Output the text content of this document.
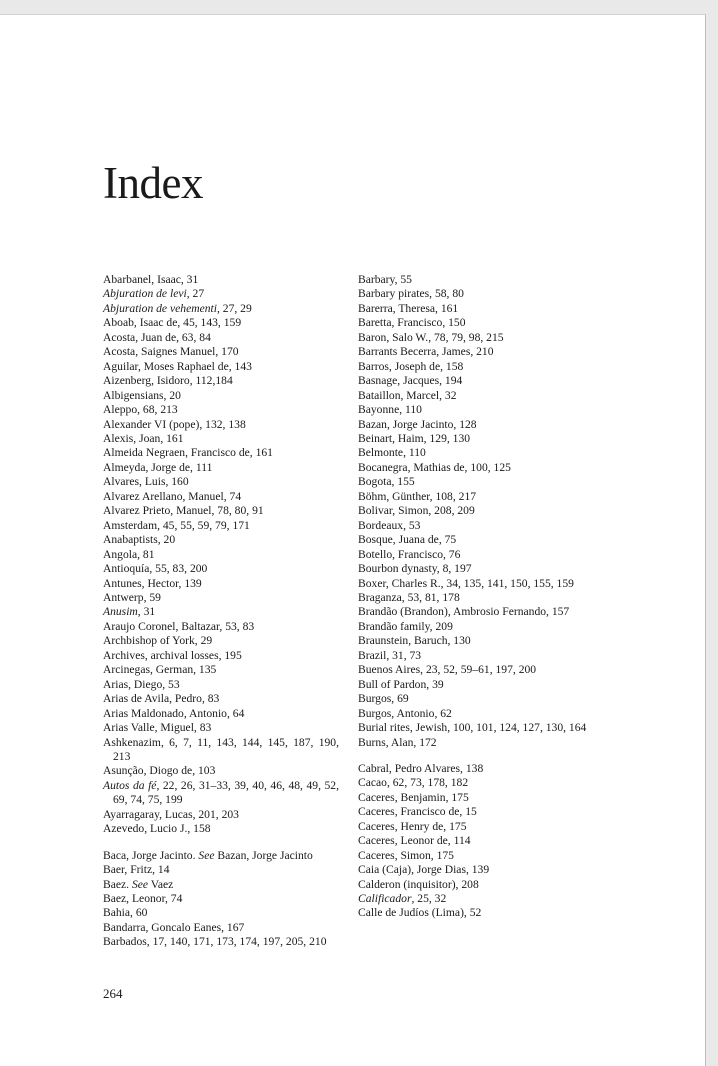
Index
Abarbanel, Isaac, 31
Abjuration de levi, 27
Abjuration de vehementi, 27, 29
Aboab, Isaac de, 45, 143, 159
Acosta, Juan de, 63, 84
Acosta, Saignes Manuel, 170
Aguilar, Moses Raphael de, 143
Aizenberg, Isidoro, 112,184
Albigensians, 20
Aleppo, 68, 213
Alexander VI (pope), 132, 138
Alexis, Joan, 161
Almeida Negraen, Francisco de, 161
Almeyda, Jorge de, 111
Alvares, Luis, 160
Alvarez Arellano, Manuel, 74
Alvarez Prieto, Manuel, 78, 80, 91
Amsterdam, 45, 55, 59, 79, 171
Anabaptists, 20
Angola, 81
Antioquía, 55, 83, 200
Antunes, Hector, 139
Antwerp, 59
Anusim, 31
Araujo Coronel, Baltazar, 53, 83
Archbishop of York, 29
Archives, archival losses, 195
Arcinegas, German, 135
Arias, Diego, 53
Arias de Avila, Pedro, 83
Arias Maldonado, Antonio, 64
Arias Valle, Miguel, 83
Ashkenazim, 6, 7, 11, 143, 144, 145, 187, 190, 213
Asunção, Diogo de, 103
Autos da fé, 22, 26, 31–33, 39, 40, 46, 48, 49, 52, 69, 74, 75, 199
Ayarragaray, Lucas, 201, 203
Azevedo, Lucio J., 158
Baca, Jorge Jacinto. See Bazan, Jorge Jacinto
Baer, Fritz, 14
Baez. See Vaez
Baez, Leonor, 74
Bahia, 60
Bandarra, Goncalo Eanes, 167
Barbados, 17, 140, 171, 173, 174, 197, 205, 210
Barbary, 55
Barbary pirates, 58, 80
Barerra, Theresa, 161
Baretta, Francisco, 150
Baron, Salo W., 78, 79, 98, 215
Barrants Becerra, James, 210
Barros, Joseph de, 158
Basnage, Jacques, 194
Bataillon, Marcel, 32
Bayonne, 110
Bazan, Jorge Jacinto, 128
Beinart, Haim, 129, 130
Belmonte, 110
Bocanegra, Mathias de, 100, 125
Bogota, 155
Böhm, Günther, 108, 217
Bolivar, Simon, 208, 209
Bordeaux, 53
Bosque, Juana de, 75
Botello, Francisco, 76
Bourbon dynasty, 8, 197
Boxer, Charles R., 34, 135, 141, 150, 155, 159
Braganza, 53, 81, 178
Brandão (Brandon), Ambrosio Fernando, 157
Brandão family, 209
Braunstein, Baruch, 130
Brazil, 31, 73
Buenos Aires, 23, 52, 59–61, 197, 200
Bull of Pardon, 39
Burgos, 69
Burgos, Antonio, 62
Burial rites, Jewish, 100, 101, 124, 127, 130, 164
Burns, Alan, 172
Cabral, Pedro Alvares, 138
Cacao, 62, 73, 178, 182
Caceres, Benjamin, 175
Caceres, Francisco de, 15
Caceres, Henry de, 175
Caceres, Leonor de, 114
Caceres, Simon, 175
Caia (Caja), Jorge Dias, 139
Calderon (inquisitor), 208
Calificador, 25, 32
Calle de Judíos (Lima), 52
264
